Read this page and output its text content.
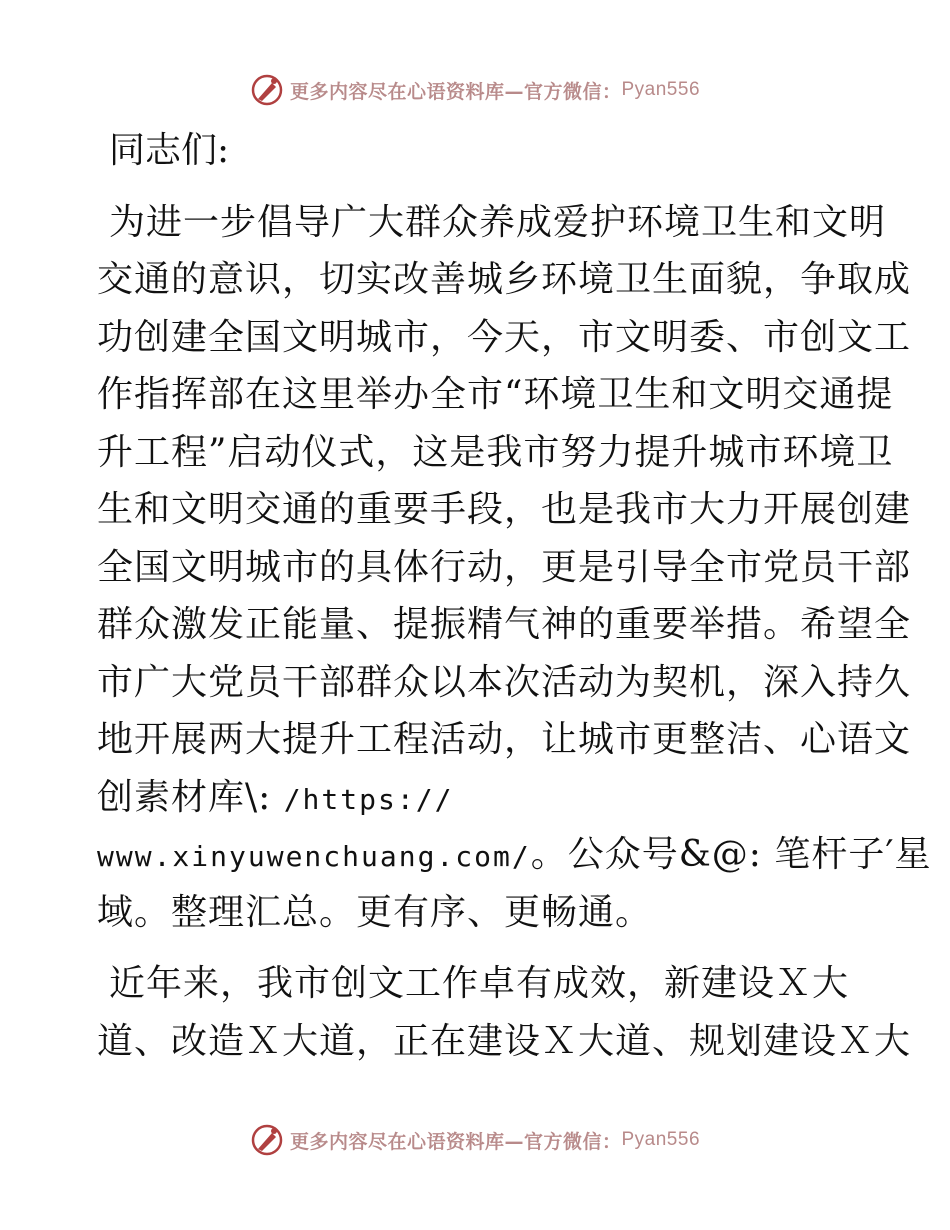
更多内容尽在心语资料库—官方微信： Pyan556
同志们:
为进一步倡导广大群众养成爱护环境卫生和文明
交通的意识，切实改善城乡环境卫生面貌，争取成
功创建全国文明城市，今天，市文明委、市创文工
作指挥部在这里举办全市“环境卫生和文明交通提
升工程”启动仪式，这是我市努力提升城市环境卫
生和文明交通的重要手段，也是我市大力开展创建
全国文明城市的具体行动，更是引导全市党员干部
群众激发正能量、提振精气神的重要举措。希望全
市广大党员干部群众以本次活动为契机，深入持久
地开展两大提升工程活动，让城市更整洁、心语文
创素材库\: /https://
www.xinyuwenchuang.com/。公众号&@: 笔杆子′星
域。整理汇总。更有序、更畅通。
近年来，我市创文工作卓有成效，新建设Ｘ大
道、改造Ｘ大道，正在建设Ｘ大道、规划建设Ｘ大
更多内容尽在心语资料库—官方微信： Pyan556
